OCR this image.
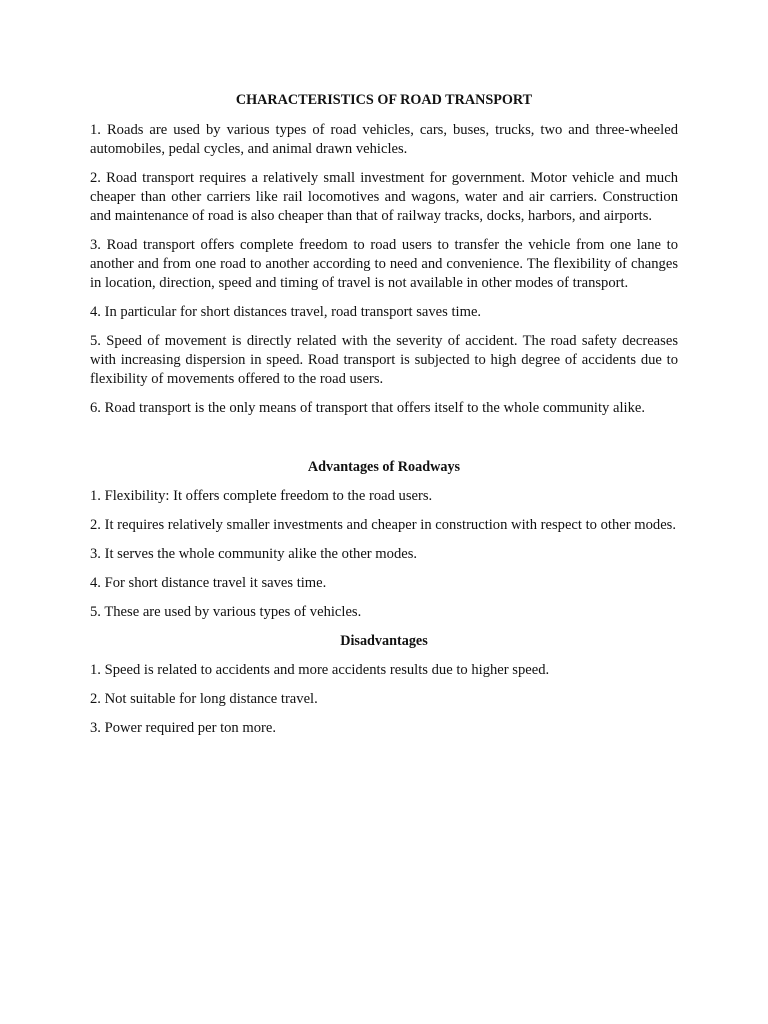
CHARACTERISTICS OF ROAD TRANSPORT

1. Roads are used by various types of road vehicles, cars, buses, trucks, two and three-wheeled automobiles, pedal cycles, and animal drawn vehicles.

2. Road transport requires a relatively small investment for government. Motor vehicle and much cheaper than other carriers like rail locomotives and wagons, water and air carriers. Construction and maintenance of road is also cheaper than that of railway tracks, docks, harbors, and airports.

3. Road transport offers complete freedom to road users to transfer the vehicle from one lane to another and from one road to another according to need and convenience. The flexibility of changes in location, direction, speed and timing of travel is not available in other modes of transport.

4. In particular for short distances travel, road transport saves time.

5. Speed of movement is directly related with the severity of accident. The road safety decreases with increasing dispersion in speed. Road transport is subjected to high degree of accidents due to flexibility of movements offered to the road users.

6. Road transport is the only means of transport that offers itself to the whole community alike.

Advantages of Roadways

1. Flexibility: It offers complete freedom to the road users.

2. It requires relatively smaller investments and cheaper in construction with respect to other modes.

3. It serves the whole community alike the other modes.

4. For short distance travel it saves time.

5. These are used by various types of vehicles.

Disadvantages

1. Speed is related to accidents and more accidents results due to higher speed.

2. Not suitable for long distance travel.

3. Power required per ton more.
